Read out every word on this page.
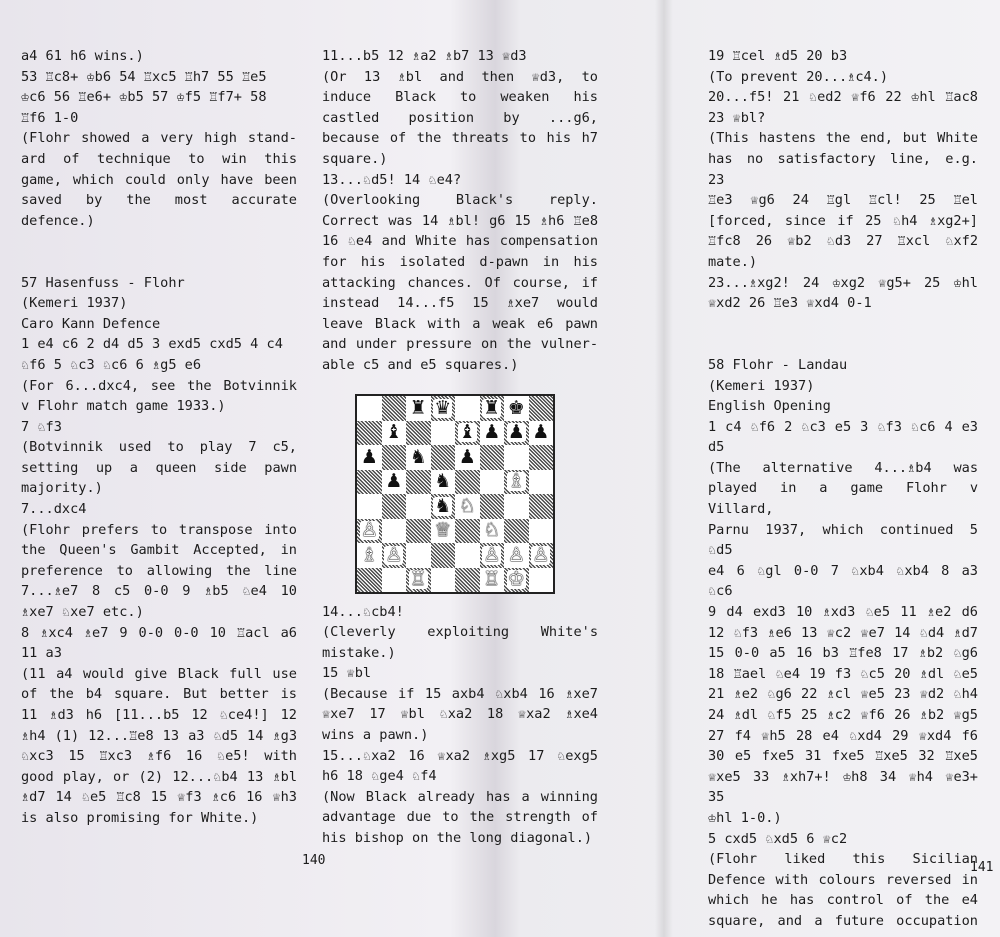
a4 61 h6 wins.)

53 ♖c8+ ♔b6 54 ♖xc5 ♖h7 55 ♖e5

♔c6 56 ♖e6+ ♔b5 57 ♔f5 ♖f7+ 58

♖f6 1-0

(Flohr showed a very high stand-

ard of technique to win this

game, which could only have been

saved by the most accurate

defence.)

57 Hasenfuss - Flohr

(Kemeri 1937)

Caro Kann Defence

1 e4 c6 2 d4 d5 3 exd5 cxd5 4 c4

♘f6 5 ♘c3 ♘c6 6 ♗g5 e6

(For 6...dxc4, see the Botvinnik

v Flohr match game 1933.)

7 ♘f3

(Botvinnik used to play 7 c5,

setting up a queen side pawn

majority.)

7...dxc4

(Flohr prefers to transpose into

the Queen's Gambit Accepted, in

preference to allowing the line

7...♗e7 8 c5 0-0 9 ♗b5 ♘e4 10

♗xe7 ♘xe7 etc.)

8 ♗xc4 ♗e7 9 0-0 0-0 10 ♖acl a6

11 a3

(11 a4 would give Black full use

of the b4 square. But better is

11 ♗d3 h6 [11...b5 12 ♘ce4!] 12

♗h4 (1) 12...♖e8 13 a3 ♘d5 14 ♗g3

♘xc3 15 ♖xc3 ♗f6 16 ♘e5! with

good play, or (2) 12...♘b4 13 ♗bl

♗d7 14 ♘e5 ♖c8 15 ♕f3 ♗c6 16 ♕h3

is also promising for White.)

11...b5 12 ♗a2 ♗b7 13 ♕d3

(Or 13 ♗bl and then ♕d3, to

induce Black to weaken his

castled position by ...g6,

because of the threats to his h7

square.)

13...♘d5! 14 ♘e4?

(Overlooking Black's reply.

Correct was 14 ♗bl! g6 15 ♗h6 ♖e8

16 ♘e4 and White has compensation

for his isolated d-pawn in his

attacking chances. Of course, if

instead 14...f5 15 ♗xe7 would

leave Black with a weak e6 pawn

and under pressure on the vulner-

able c5 and e5 squares.)

14...♘cb4!

(Cleverly exploiting White's

mistake.)

15 ♕bl

(Because if 15 axb4 ♘xb4 16 ♗xe7

♕xe7 17 ♕bl ♘xa2 18 ♕xa2 ♗xe4

wins a pawn.)

15...♘xa2 16 ♕xa2 ♗xg5 17 ♘exg5

h6 18 ♘ge4 ♘f4

(Now Black already has a winning

advantage due to the strength of

his bishop on the long diagonal.)

19 ♖cel ♗d5 20 b3

(To prevent 20...♗c4.)

20...f5! 21 ♘ed2 ♕f6 22 ♔hl ♖ac8

23 ♕bl?

(This hastens the end, but White

has no satisfactory line, e.g. 23

♖e3 ♕g6 24 ♖gl ♖cl! 25 ♖el

[forced, since if 25 ♘h4 ♗xg2+]

♖fc8 26 ♕b2 ♘d3 27 ♖xcl ♘xf2

mate.)

23...♗xg2! 24 ♔xg2 ♕g5+ 25 ♔hl

♕xd2 26 ♖e3 ♕xd4 0-1

58 Flohr - Landau

(Kemeri 1937)

English Opening

1 c4 ♘f6 2 ♘c3 e5 3 ♘f3 ♘c6 4 e3

d5

(The alternative 4...♗b4 was

played in a game Flohr v Villard,

Parnu 1937, which continued 5 ♘d5

e4 6 ♘gl 0-0 7 ♘xb4 ♘xb4 8 a3 ♘c6

9 d4 exd3 10 ♗xd3 ♘e5 11 ♗e2 d6

12 ♘f3 ♗e6 13 ♕c2 ♕e7 14 ♘d4 ♗d7

15 0-0 a5 16 b3 ♖fe8 17 ♗b2 ♘g6

18 ♖ael ♘e4 19 f3 ♘c5 20 ♗dl ♘e5

21 ♗e2 ♘g6 22 ♗cl ♕e5 23 ♕d2 ♘h4

24 ♗dl ♘f5 25 ♗c2 ♕f6 26 ♗b2 ♕g5

27 f4 ♕h5 28 e4 ♘xd4 29 ♕xd4 f6

30 e5 fxe5 31 fxe5 ♖xe5 32 ♖xe5

♕xe5 33 ♗xh7+! ♔h8 34 ♕h4 ♕e3+ 35

♔hl 1-0.)

5 cxd5 ♘xd5 6 ♕c2

(Flohr liked this Sicilian

Defence with colours reversed in

which he has control of the e4

square, and a future occupation

♜ ♛ ♜ ♚
♝	♝ ♟ ♟ ♟
♟ ♞ ♟
♟ ♞	♗
♞ ♘
♙	♕ ♘
♗ ♙	♙ ♙ ♙
♖	♖ ♔
140	141
